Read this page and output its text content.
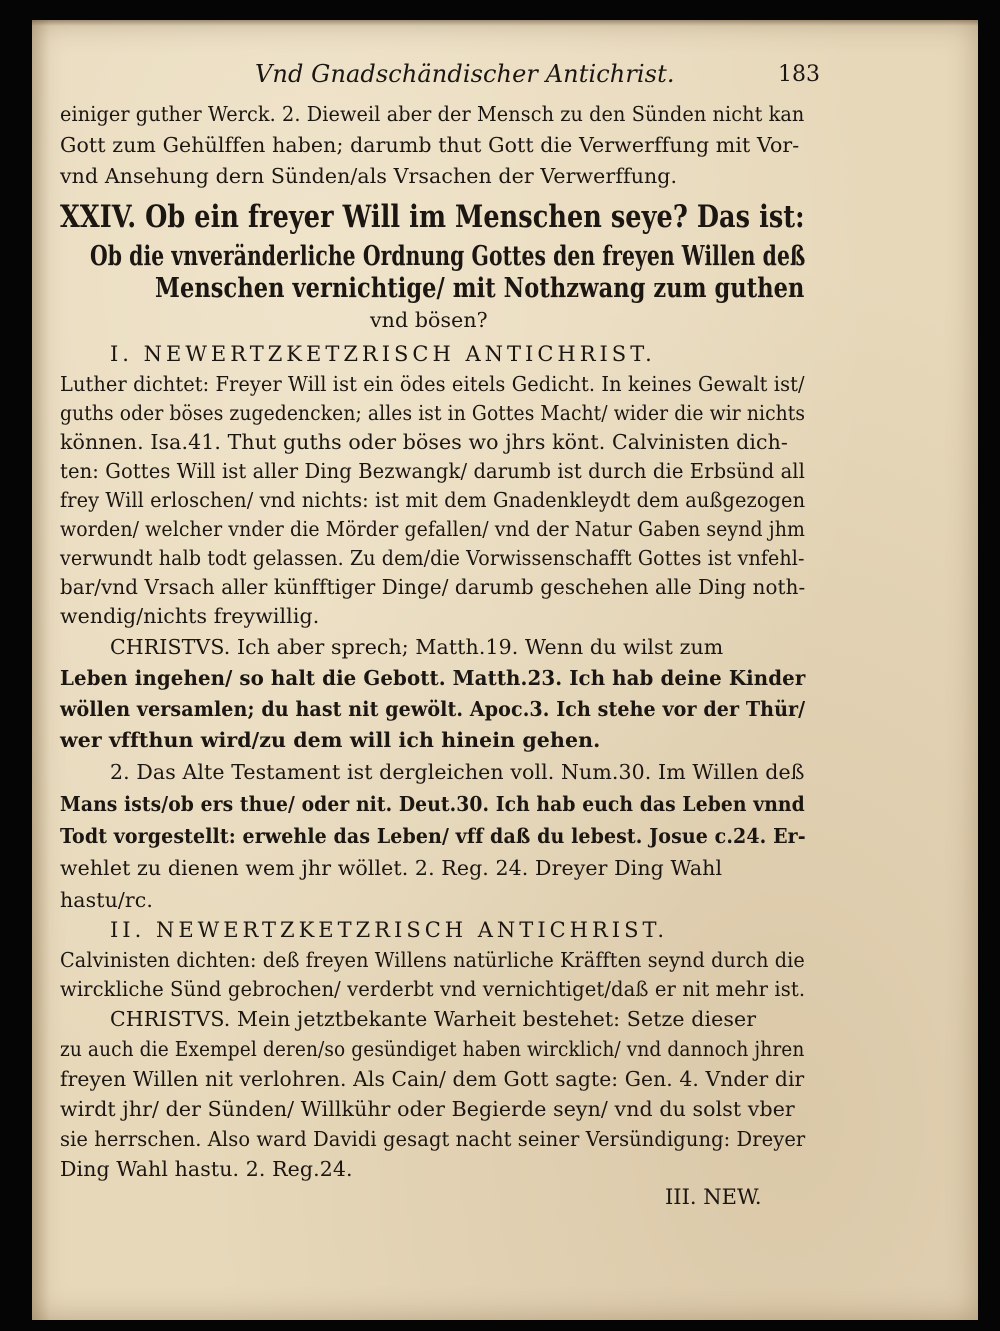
Vnd Gnadschändischer Antichrist.	183
einiger guther Werck. 2. Dieweil aber der Mensch zu den Sünden nicht kan
Gott zum Gehülffen haben; darumb thut Gott die Verwerffung mit Vor-
vnd Ansehung dern Sünden/als Vrsachen der Verwerffung.
XXIV. Ob ein freyer Will im Menschen seye? Das ist:
Ob die vnveränderliche Ordnung Gottes den freyen Willen deß
Menschen vernichtige/ mit Nothzwang zum guthen
vnd bösen?
I. NEWERTZKETZRISCH ANTICHRIST.
Luther dichtet: Freyer Will ist ein ödes eitels Gedicht. In keines Gewalt ist/
guths oder böses zugedencken; alles ist in Gottes Macht/ wider die wir nichts
können. Isa.41. Thut guths oder böses wo jhrs könt. Calvinisten dich-
ten: Gottes Will ist aller Ding Bezwangk/ darumb ist durch die Erbsünd all
frey Will erloschen/ vnd nichts: ist mit dem Gnadenkleydt dem außgezogen
worden/ welcher vnder die Mörder gefallen/ vnd der Natur Gaben seynd jhm
verwundt halb todt gelassen. Zu dem/die Vorwissenschafft Gottes ist vnfehl-
bar/vnd Vrsach aller künfftiger Dinge/ darumb geschehen alle Ding noth-
wendig/nichts freywillig.
CHRISTVS. Ich aber sprech; Matth.19. Wenn du wilst zum
Leben ingehen/ so halt die Gebott. Matth.23. Ich hab deine Kinder
wöllen versamlen; du hast nit gewölt. Apoc.3. Ich stehe vor der Thür/
wer vffthun wird/zu dem will ich hinein gehen.
2. Das Alte Testament ist dergleichen voll. Num.30. Im Willen deß
Mans ists/ob ers thue/ oder nit. Deut.30. Ich hab euch das Leben vnnd
Todt vorgestellt: erwehle das Leben/ vff daß du lebest. Josue c.24. Er-
wehlet zu dienen wem jhr wöllet. 2. Reg. 24. Dreyer Ding Wahl
hastu/rc.
II. NEWERTZKETZRISCH ANTICHRIST.
Calvinisten dichten: deß freyen Willens natürliche Kräfften seynd durch die
wirckliche Sünd gebrochen/ verderbt vnd vernichtiget/daß er nit mehr ist.
CHRISTVS. Mein jetztbekante Warheit bestehet: Setze dieser
zu auch die Exempel deren/so gesündiget haben wircklich/ vnd dannoch jhren
freyen Willen nit verlohren. Als Cain/ dem Gott sagte: Gen. 4. Vnder dir
wirdt jhr/ der Sünden/ Willkühr oder Begierde seyn/ vnd du solst vber
sie herrschen. Also ward Davidi gesagt nacht seiner Versündigung: Dreyer
Ding Wahl hastu. 2. Reg.24.
III. NEW.
